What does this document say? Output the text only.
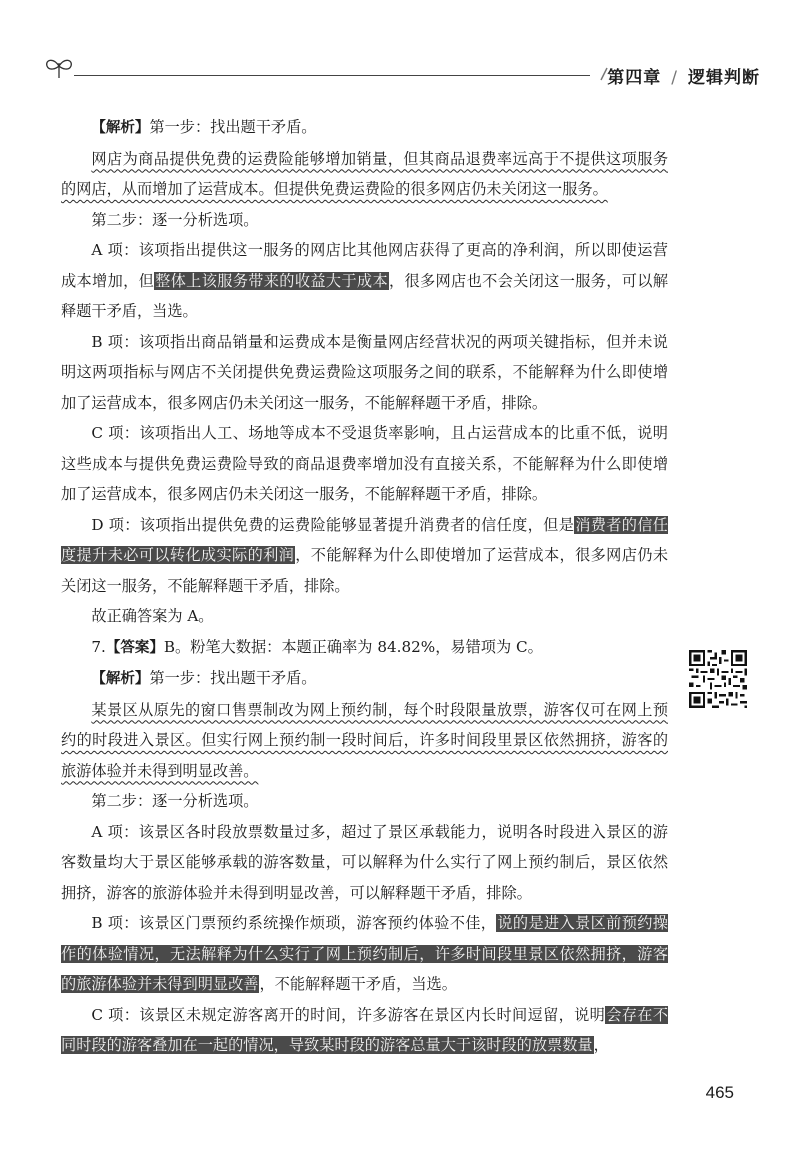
第四章 / 逻辑判断

【解析】第一步：找出题干矛盾。

网店为商品提供免费的运费险能够增加销量，但其商品退费率远高于不提供这项服务的网店，从而增加了运营成本。但提供免费运费险的很多网店仍未关闭这一服务。

第二步：逐一分析选项。

A 项：该项指出提供这一服务的网店比其他网店获得了更高的净利润，所以即使运营成本增加，但整体上该服务带来的收益大于成本，很多网店也不会关闭这一服务，可以解释题干矛盾，当选。

B 项：该项指出商品销量和运费成本是衡量网店经营状况的两项关键指标，但并未说明这两项指标与网店不关闭提供免费运费险这项服务之间的联系，不能解释为什么即使增加了运营成本，很多网店仍未关闭这一服务，不能解释题干矛盾，排除。

C 项：该项指出人工、场地等成本不受退货率影响，且占运营成本的比重不低，说明这些成本与提供免费运费险导致的商品退费率增加没有直接关系，不能解释为什么即使增加了运营成本，很多网店仍未关闭这一服务，不能解释题干矛盾，排除。

D 项：该项指出提供免费的运费险能够显著提升消费者的信任度，但是消费者的信任度提升未必可以转化成实际的利润，不能解释为什么即使增加了运营成本，很多网店仍未关闭这一服务，不能解释题干矛盾，排除。

故正确答案为 A。

7.【答案】B。粉笔大数据：本题正确率为 84.82%，易错项为 C。

【解析】第一步：找出题干矛盾。

某景区从原先的窗口售票制改为网上预约制，每个时段限量放票，游客仅可在网上预约的时段进入景区。但实行网上预约制一段时间后，许多时间段里景区依然拥挤，游客的旅游体验并未得到明显改善。

第二步：逐一分析选项。

A 项：该景区各时段放票数量过多，超过了景区承载能力，说明各时段进入景区的游客数量均大于景区能够承载的游客数量，可以解释为什么实行了网上预约制后，景区依然拥挤，游客的旅游体验并未得到明显改善，可以解释题干矛盾，排除。

B 项：该景区门票预约系统操作烦琐，游客预约体验不佳，说的是进入景区前预约操作的体验情况，无法解释为什么实行了网上预约制后，许多时间段里景区依然拥挤，游客的旅游体验并未得到明显改善，不能解释题干矛盾，当选。

C 项：该景区未规定游客离开的时间，许多游客在景区内长时间逗留，说明会存在不同时段的游客叠加在一起的情况，导致某时段的游客总量大于该时段的放票数量，

465
